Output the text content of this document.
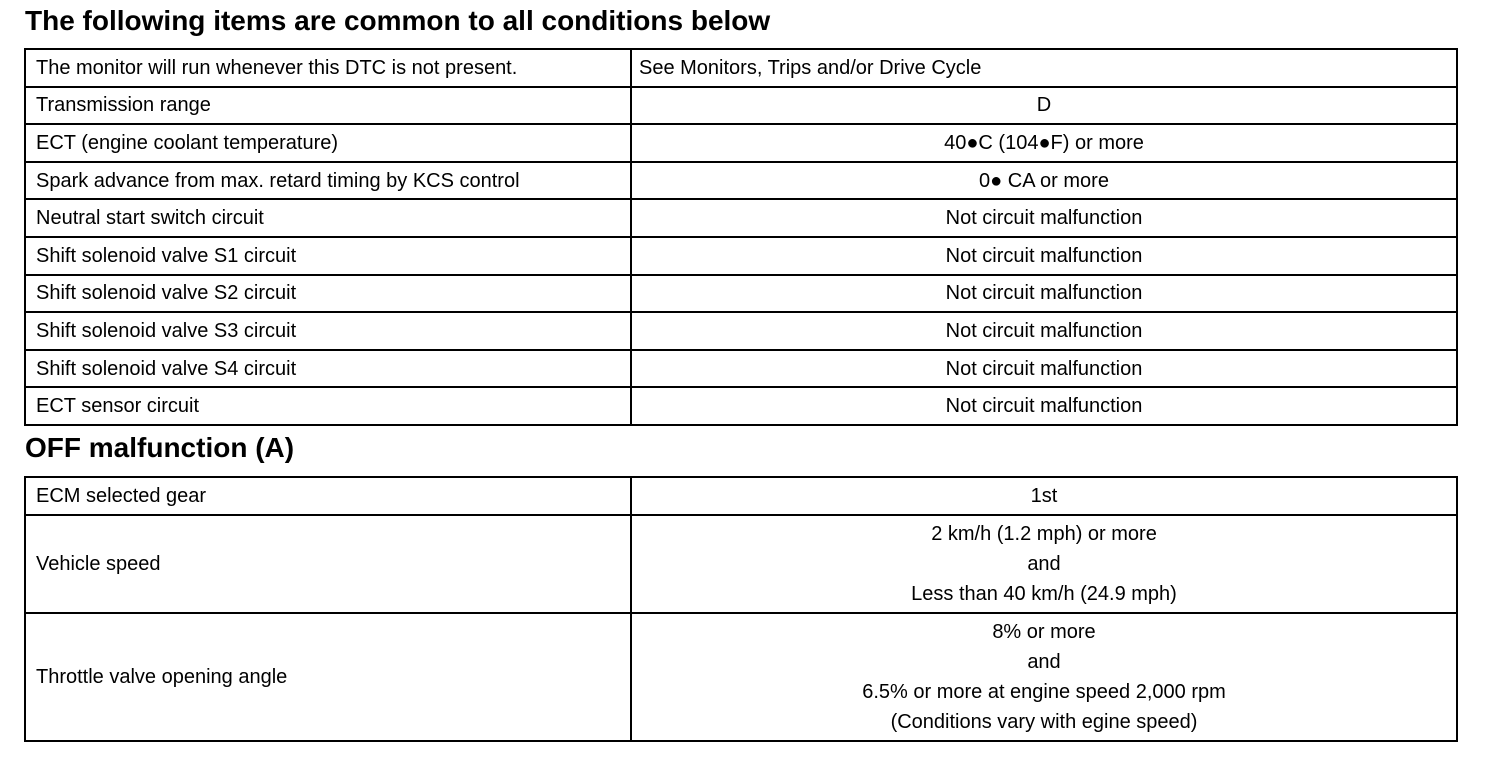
The following items are common to all conditions below
The monitor will run whenever this DTC is not present.	See Monitors, Trips and/or Drive Cycle
Transmission range	D
ECT (engine coolant temperature)	40●C (104●F) or more
Spark advance from max. retard timing by KCS control	0● CA or more
Neutral start switch circuit	Not circuit malfunction
Shift solenoid valve S1 circuit	Not circuit malfunction
Shift solenoid valve S2 circuit	Not circuit malfunction
Shift solenoid valve S3 circuit	Not circuit malfunction
Shift solenoid valve S4 circuit	Not circuit malfunction
ECT sensor circuit	Not circuit malfunction
OFF malfunction (A)
ECM selected gear	1st

Vehicle speed	2 km/h (1.2 mph) or more
and
Less than 40 km/h (24.9 mph)

Throttle valve opening angle	8% or more
and
6.5% or more at engine speed 2,000 rpm
(Conditions vary with egine speed)
